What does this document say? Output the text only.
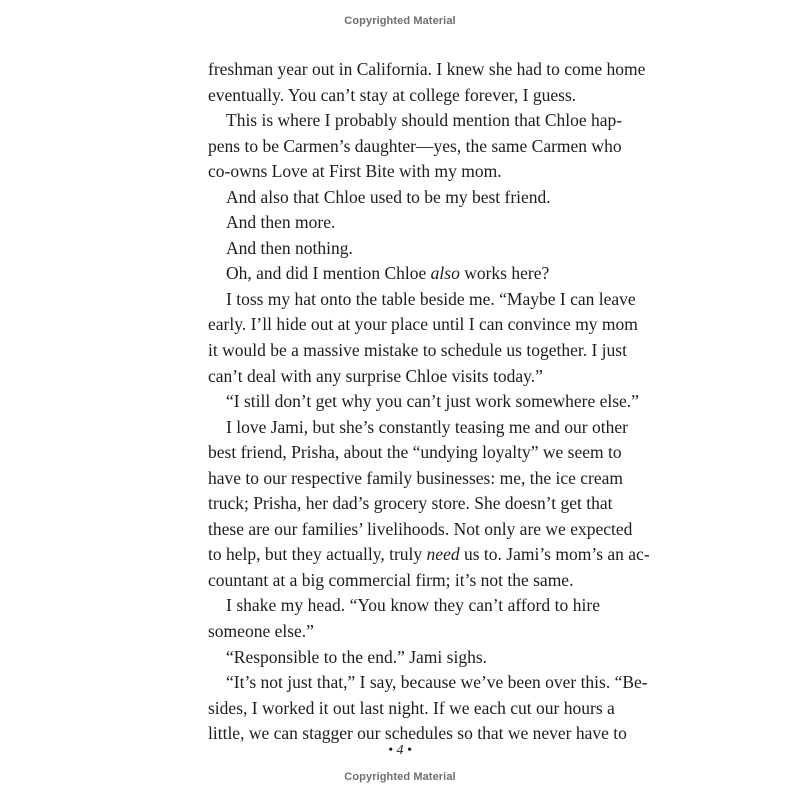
Copyrighted Material
freshman year out in California. I knew she had to come home
eventually. You can’t stay at college forever, I guess.
This is where I probably should mention that Chloe hap-
pens to be Carmen’s daughter—yes, the same Carmen who
co-owns Love at First Bite with my mom.
And also that Chloe used to be my best friend.
And then more.
And then nothing.
Oh, and did I mention Chloe also works here?
I toss my hat onto the table beside me. “Maybe I can leave
early. I’ll hide out at your place until I can convince my mom
it would be a massive mistake to schedule us together. I just
can’t deal with any surprise Chloe visits today.”
“I still don’t get why you can’t just work somewhere else.”
I love Jami, but she’s constantly teasing me and our other
best friend, Prisha, about the “undying loyalty” we seem to
have to our respective family businesses: me, the ice cream
truck; Prisha, her dad’s grocery store. She doesn’t get that
these are our families’ livelihoods. Not only are we expected
to help, but they actually, truly need us to. Jami’s mom’s an ac-
countant at a big commercial firm; it’s not the same.
I shake my head. “You know they can’t afford to hire
someone else.”
“Responsible to the end.” Jami sighs.
“It’s not just that,” I say, because we’ve been over this. “Be-
sides, I worked it out last night. If we each cut our hours a
little, we can stagger our schedules so that we never have to
• 4 •
Copyrighted Material
